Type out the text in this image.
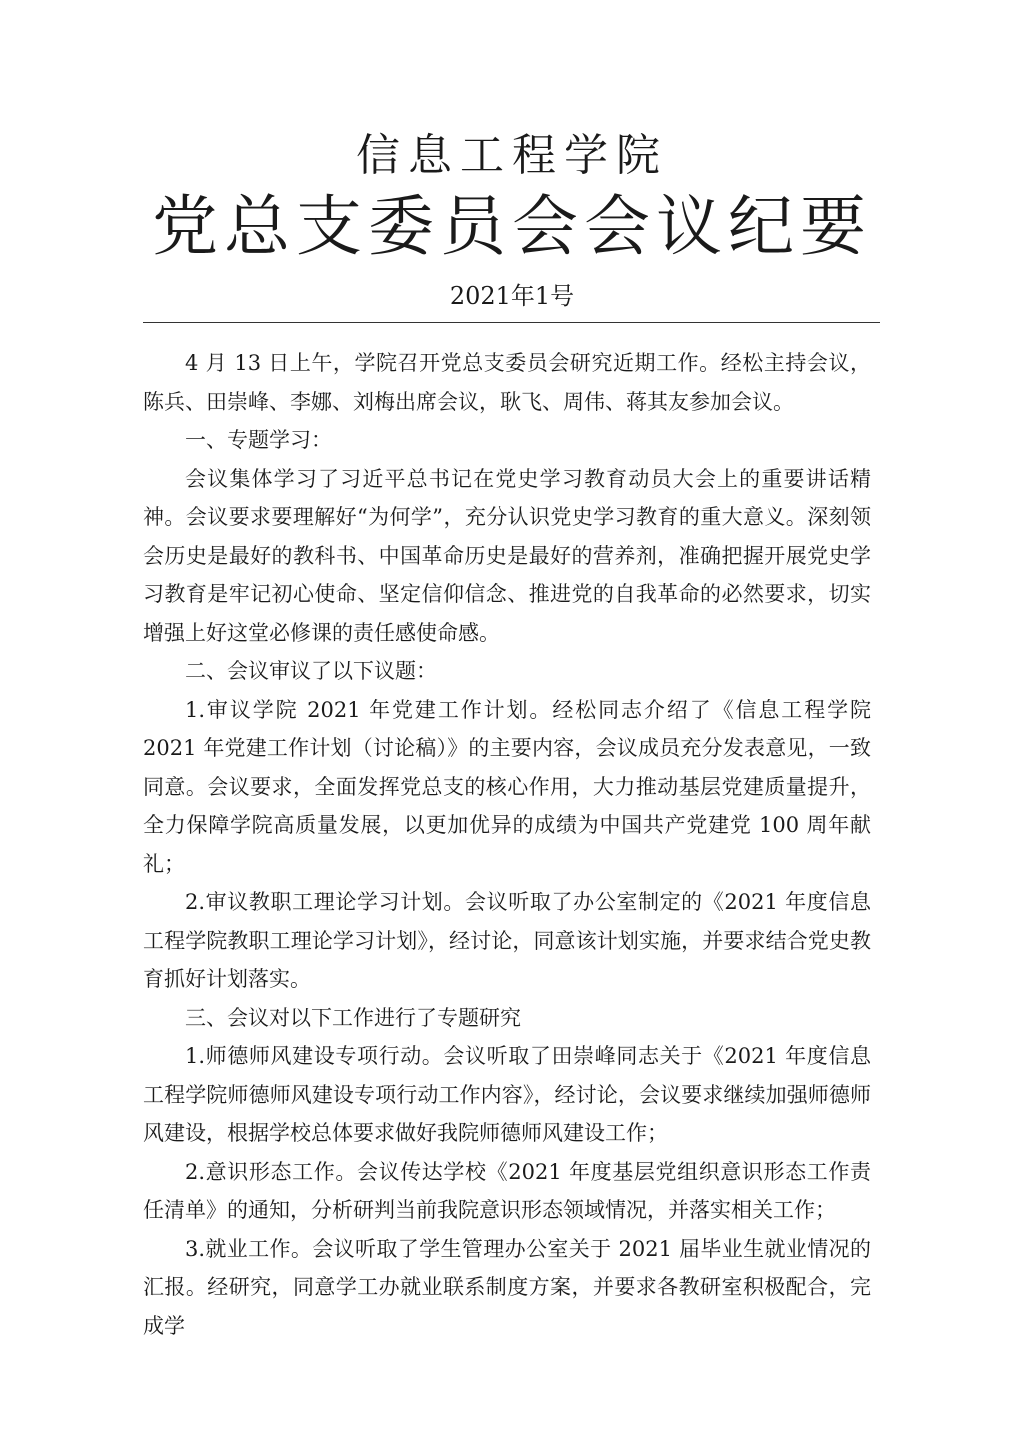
信息工程学院
党总支委员会会议纪要
2021年1号

4 月 13 日上午，学院召开党总支委员会研究近期工作。经松主持会议，陈兵、田崇峰、李娜、刘梅出席会议，耿飞、周伟、蒋其友参加会议。

一、专题学习：

会议集体学习了习近平总书记在党史学习教育动员大会上的重要讲话精神。会议要求要理解好“为何学”，充分认识党史学习教育的重大意义。深刻领会历史是最好的教科书、中国革命历史是最好的营养剂，准确把握开展党史学习教育是牢记初心使命、坚定信仰信念、推进党的自我革命的必然要求，切实增强上好这堂必修课的责任感使命感。

二、会议审议了以下议题：

1.审议学院 2021 年党建工作计划。经松同志介绍了《信息工程学院 2021 年党建工作计划（讨论稿）》的主要内容，会议成员充分发表意见，一致同意。会议要求，全面发挥党总支的核心作用，大力推动基层党建质量提升，全力保障学院高质量发展，以更加优异的成绩为中国共产党建党 100 周年献礼；

2.审议教职工理论学习计划。会议听取了办公室制定的《2021 年度信息工程学院教职工理论学习计划》，经讨论，同意该计划实施，并要求结合党史教育抓好计划落实。

三、会议对以下工作进行了专题研究

1.师德师风建设专项行动。会议听取了田崇峰同志关于《2021 年度信息工程学院师德师风建设专项行动工作内容》，经讨论，会议要求继续加强师德师风建设，根据学校总体要求做好我院师德师风建设工作；

2.意识形态工作。会议传达学校《2021 年度基层党组织意识形态工作责任清单》的通知，分析研判当前我院意识形态领域情况，并落实相关工作；

3.就业工作。会议听取了学生管理办公室关于 2021 届毕业生就业情况的汇报。经研究，同意学工办就业联系制度方案，并要求各教研室积极配合，完成学
